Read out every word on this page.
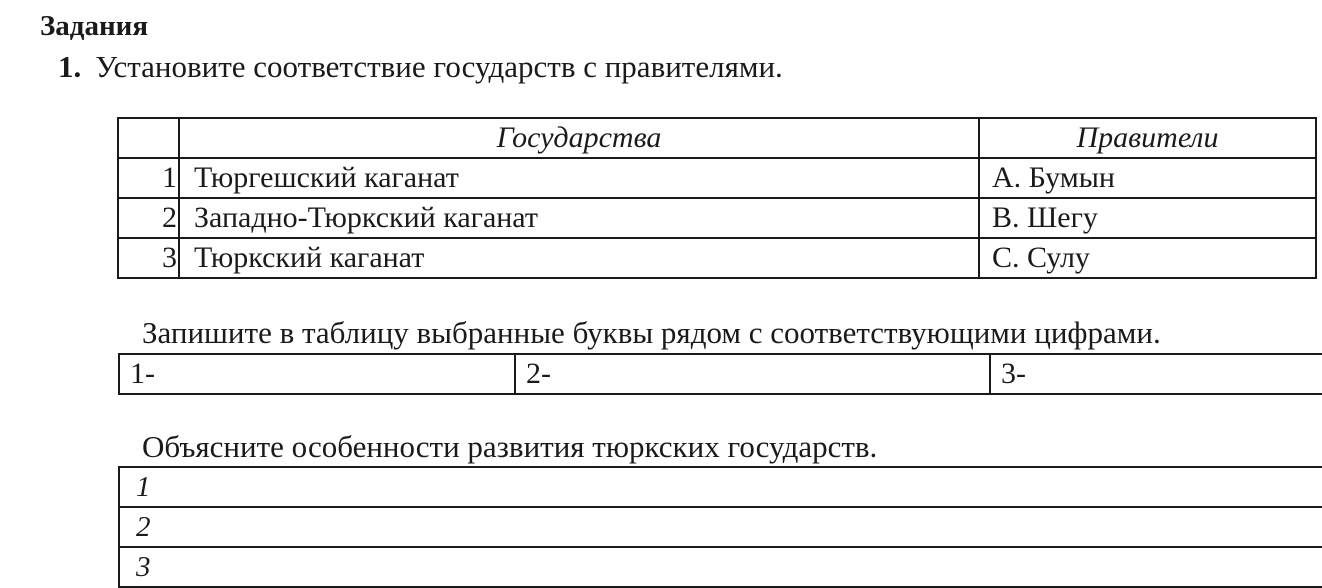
Задания
1. Установите соответствие государств с правителями.
	Государства	Правители
1	Тюргешский каганат	А. Бумын
2	Западно-Тюркский каганат	В. Шегу
3	Тюркский каганат	С. Сулу
Запишите в таблицу выбранные буквы рядом с соответствующими цифрами.
1-	2-	3-
Объясните особенности развития тюркских государств.
1
2
3
